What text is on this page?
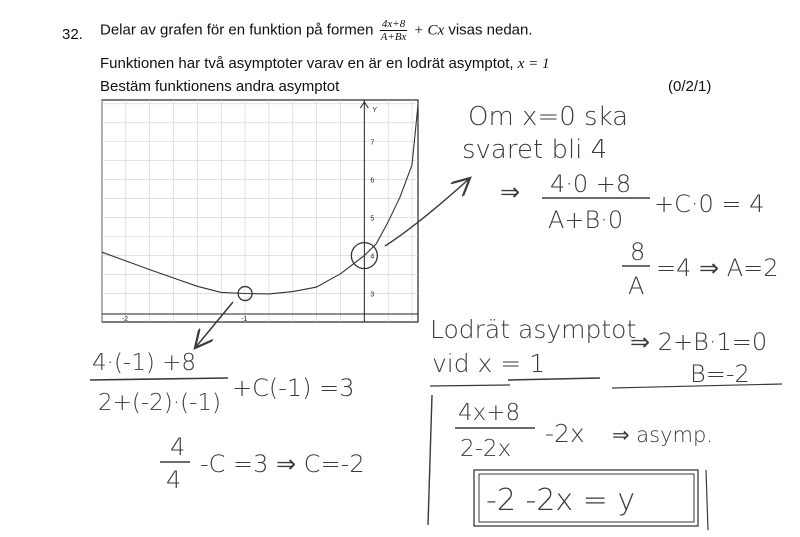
32. Delar av grafen för en funktion på formen $\frac{4x+8}{A+Bx} + Cx$ visas nedan.
Funktionen har två asymptoter varav en är en lodrät asymptot, x = 1
Bestäm funktionens andra asymptot	(0/2/1)
Y
7
6
5
4
3
-2	-1
Om x=0 ska
svaret bli 4
⇒ 4·0 +8
A+B·0
+C·0 = 4
8
A
=4 ⇒ A=2
Lodrät asymptot
vid x = 1
⇒ 2+B·1=0
B=-2
4·(-1) +8
2+(-2)·(-1)
+C(-1) =3
4
4
-C =3 ⇒ C=-2
4x+8
2-2x
-2x ⇒ asymp.
-2 -2x = y
